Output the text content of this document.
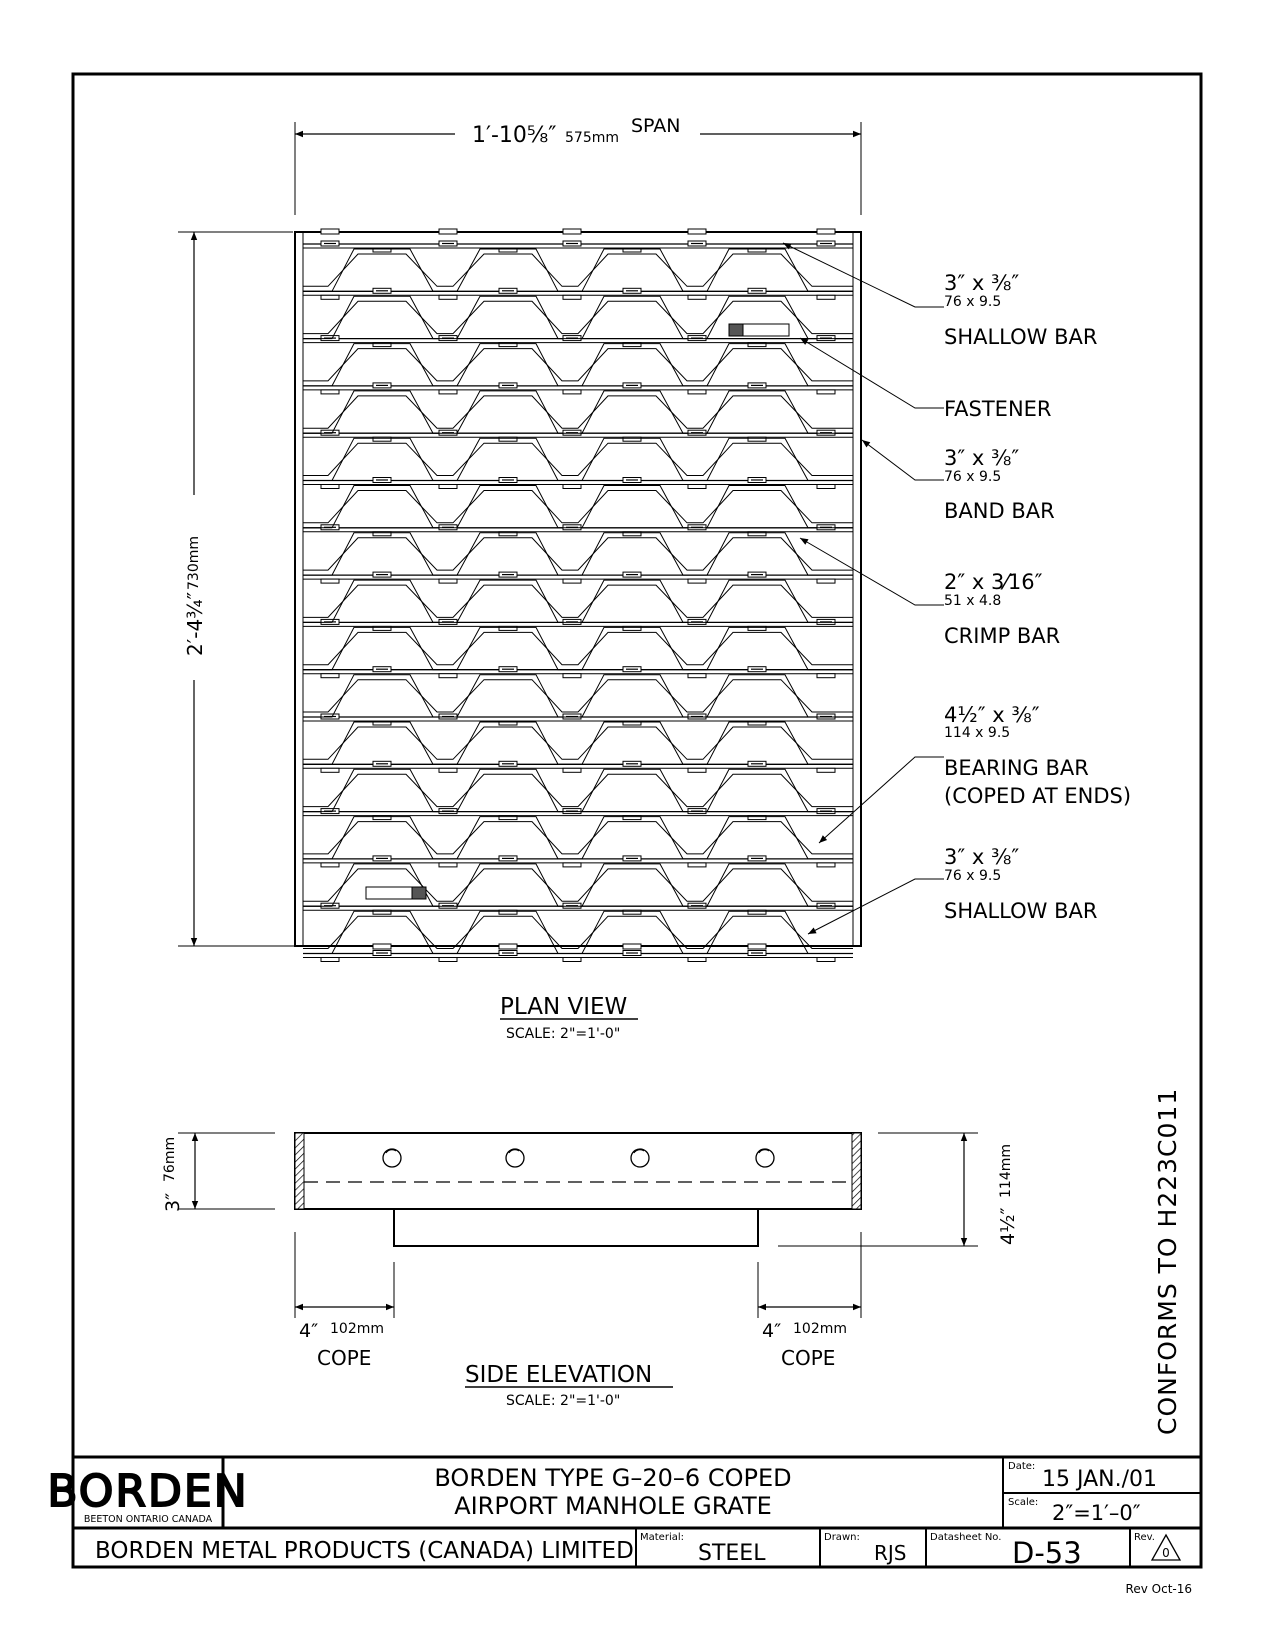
1′-10⅝″ 575mm
SPAN
2′-4¾″
730mm
3″ x ⅜″
76 x 9.5
SHALLOW BAR
FASTENER
3″ x ⅜″
76 x 9.5
BAND BAR
2″ x 3⁄16″
51 x 4.8
CRIMP BAR
4½″ x ⅜″
114 x 9.5
BEARING BAR
(COPED AT ENDS)
3″ x ⅜″
76 x 9.5
SHALLOW BAR
PLAN VIEW
SCALE: 2"=1'-0"
3″
76mm
4½″
114mm
4″ 102mm
COPE
4″ 102mm
COPE
SIDE ELEVATION
SCALE: 2"=1'-0"	CONFORMS TO H223C011
BORDEN
BEETON ONTARIO CANADA
BORDEN TYPE G–20–6 COPED
AIRPORT MANHOLE GRATE
Date:
15 JAN./01
Scale: 2″=1′–0″
BORDEN METAL PRODUCTS (CANADA) LIMITED
Material:
STEEL
Drawn:
RJS
Datasheet No. D-53	Rev.
0
Rev Oct-16
